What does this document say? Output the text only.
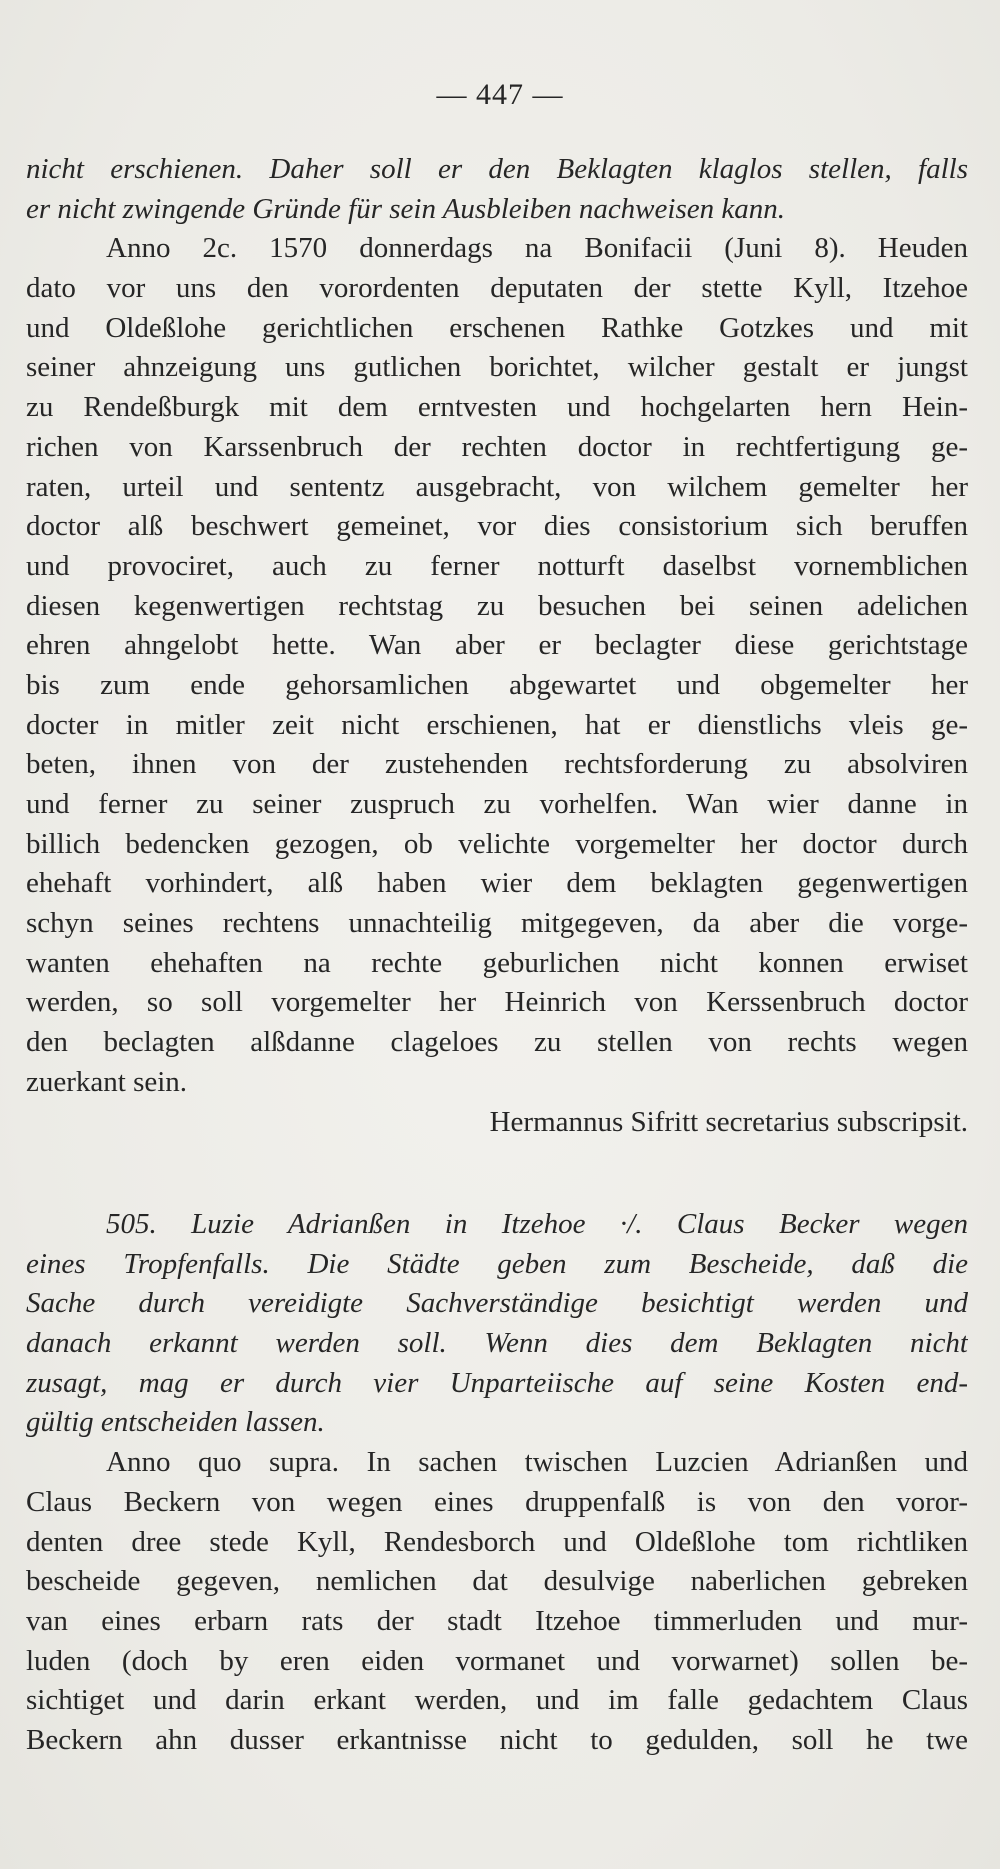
— 447 —
nicht erschienen. Daher soll er den Beklagten klaglos stellen, falls
er nicht zwingende Gründe für sein Ausbleiben nachweisen kann.
Anno 2c. 1570 donnerdags na Bonifacii (Juni 8). Heuden
dato vor uns den vorordenten deputaten der stette Kyll, Itzehoe
und Oldeßlohe gerichtlichen erschenen Rathke Gotzkes und mit
seiner ahnzeigung uns gutlichen borichtet, wilcher gestalt er jungst
zu Rendeßburgk mit dem erntvesten und hochgelarten hern Hein-
richen von Karssenbruch der rechten doctor in rechtfertigung ge-
raten, urteil und sententz ausgebracht, von wilchem gemelter her
doctor alß beschwert gemeinet, vor dies consistorium sich beruffen
und provociret, auch zu ferner notturft daselbst vornemblichen
diesen kegenwertigen rechtstag zu besuchen bei seinen adelichen
ehren ahngelobt hette. Wan aber er beclagter diese gerichtstage
bis zum ende gehorsamlichen abgewartet und obgemelter her
docter in mitler zeit nicht erschienen, hat er dienstlichs vleis ge-
beten, ihnen von der zustehenden rechtsforderung zu absolviren
und ferner zu seiner zuspruch zu vorhelfen. Wan wier danne in
billich bedencken gezogen, ob velichte vorgemelter her doctor durch
ehehaft vorhindert, alß haben wier dem beklagten gegenwertigen
schyn seines rechtens unnachteilig mitgegeven, da aber die vorge-
wanten ehehaften na rechte geburlichen nicht konnen erwiset
werden, so soll vorgemelter her Heinrich von Kerssenbruch doctor
den beclagten alßdanne clageloes zu stellen von rechts wegen
zuerkant sein.
Hermannus Sifritt secretarius subscripsit.
505. Luzie Adrianßen in Itzehoe ·/. Claus Becker wegen
eines Tropfenfalls. Die Städte geben zum Bescheide, daß die
Sache durch vereidigte Sachverständige besichtigt werden und
danach erkannt werden soll. Wenn dies dem Beklagten nicht
zusagt, mag er durch vier Unparteiische auf seine Kosten end-
gültig entscheiden lassen.
Anno quo supra. In sachen twischen Luzcien Adrianßen und
Claus Beckern von wegen eines druppenfalß is von den voror-
denten dree stede Kyll, Rendesborch und Oldeßlohe tom richtliken
bescheide gegeven, nemlichen dat desulvige naberlichen gebreken
van eines erbarn rats der stadt Itzehoe timmerluden und mur-
luden (doch by eren eiden vormanet und vorwarnet) sollen be-
sichtiget und darin erkant werden, und im falle gedachtem Claus
Beckern ahn dusser erkantnisse nicht to gedulden, soll he twe
